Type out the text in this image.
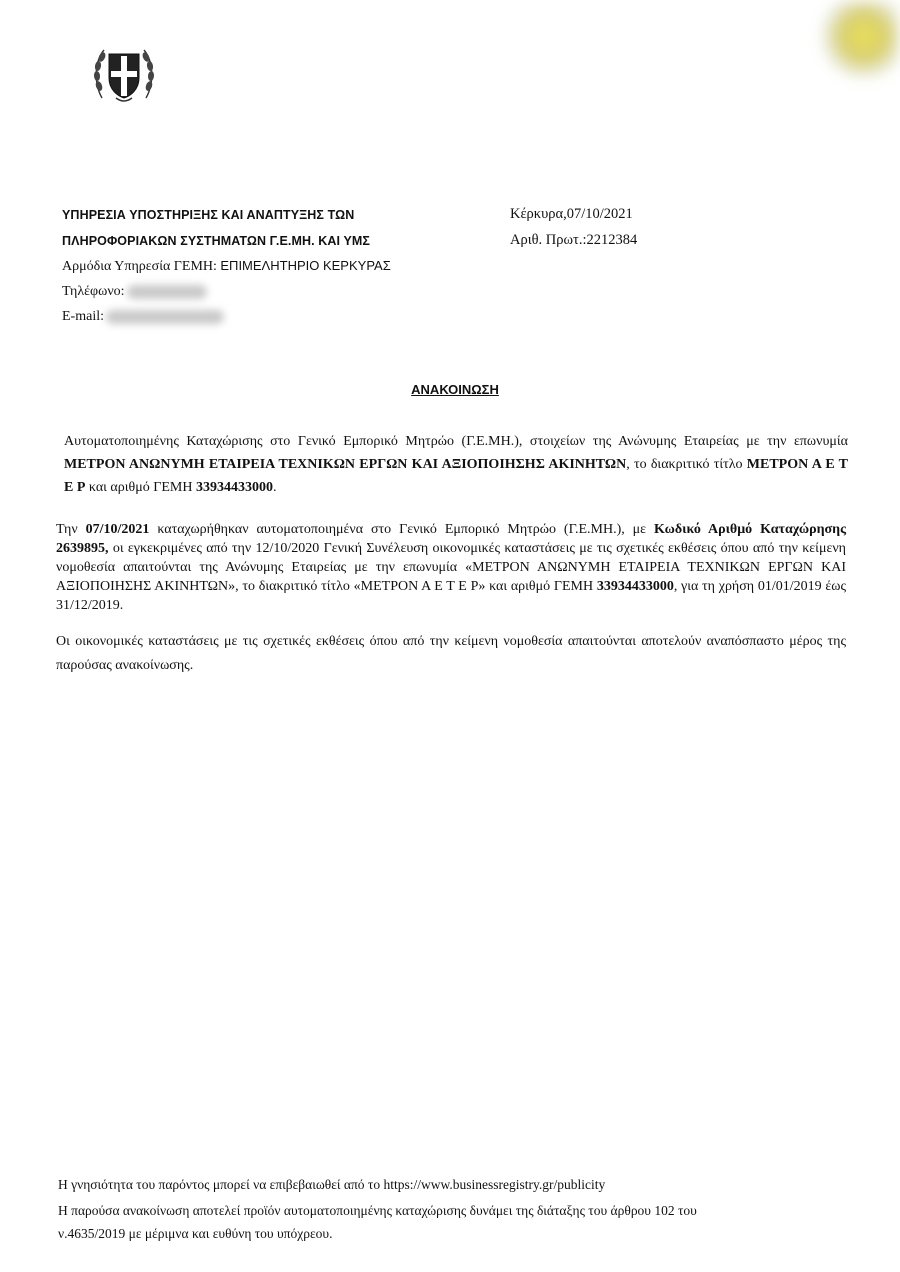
ΥΠΗΡΕΣΙΑ ΥΠΟΣΤΗΡΙΞΗΣ ΚΑΙ ΑΝΑΠΤΥΞΗΣ ΤΩΝ
ΠΛΗΡΟΦΟΡΙΑΚΩΝ ΣΥΣΤΗΜΑΤΩΝ Γ.Ε.ΜΗ. ΚΑΙ ΥΜΣ
Κέρκυρα,07/10/2021
Αριθ. Πρωτ.:2212384
Αρμόδια Υπηρεσία ΓΕΜΗ: ΕΠΙΜΕΛΗΤΗΡΙΟ ΚΕΡΚΥΡΑΣ
Τηλέφωνο:
E-mail:
ΑΝΑΚΟΙΝΩΣΗ
Αυτοματοποιημένης Καταχώρισης στο Γενικό Εμπορικό Μητρώο (Γ.Ε.ΜΗ.), στοιχείων της Ανώνυμης Εταιρείας με την επωνυμία ΜΕΤΡΟΝ ΑΝΩΝΥΜΗ ΕΤΑΙΡΕΙΑ ΤΕΧΝΙΚΩΝ ΕΡΓΩΝ ΚΑΙ ΑΞΙΟΠΟΙΗΣΗΣ ΑΚΙΝΗΤΩΝ, το διακριτικό τίτλο ΜΕΤΡΟΝ Α Ε Τ Ε Ρ και αριθμό ΓΕΜΗ 33934433000.
Την 07/10/2021 καταχωρήθηκαν αυτοματοποιημένα στο Γενικό Εμπορικό Μητρώο (Γ.Ε.ΜΗ.), με Κωδικό Αριθμό Καταχώρησης 2639895, οι εγκεκριμένες από την 12/10/2020 Γενική Συνέλευση οικονομικές καταστάσεις με τις σχετικές εκθέσεις όπου από την κείμενη νομοθεσία απαιτούνται της Ανώνυμης Εταιρείας με την επωνυμία «ΜΕΤΡΟΝ ΑΝΩΝΥΜΗ ΕΤΑΙΡΕΙΑ ΤΕΧΝΙΚΩΝ ΕΡΓΩΝ ΚΑΙ ΑΞΙΟΠΟΙΗΣΗΣ ΑΚΙΝΗΤΩΝ», το διακριτικό τίτλο «ΜΕΤΡΟΝ Α Ε Τ Ε Ρ» και αριθμό ΓΕΜΗ 33934433000, για τη χρήση 01/01/2019 έως 31/12/2019.
Οι οικονομικές καταστάσεις με τις σχετικές εκθέσεις όπου από την κείμενη νομοθεσία απαιτούνται αποτελούν αναπόσπαστο μέρος της παρούσας ανακοίνωσης.
Η γνησιότητα του παρόντος μπορεί να επιβεβαιωθεί από το https://www.businessregistry.gr/publicity
Η παρούσα ανακοίνωση αποτελεί προϊόν αυτοματοποιημένης καταχώρισης δυνάμει της διάταξης του άρθρου 102 του
ν.4635/2019 με μέριμνα και ευθύνη του υπόχρεου.
